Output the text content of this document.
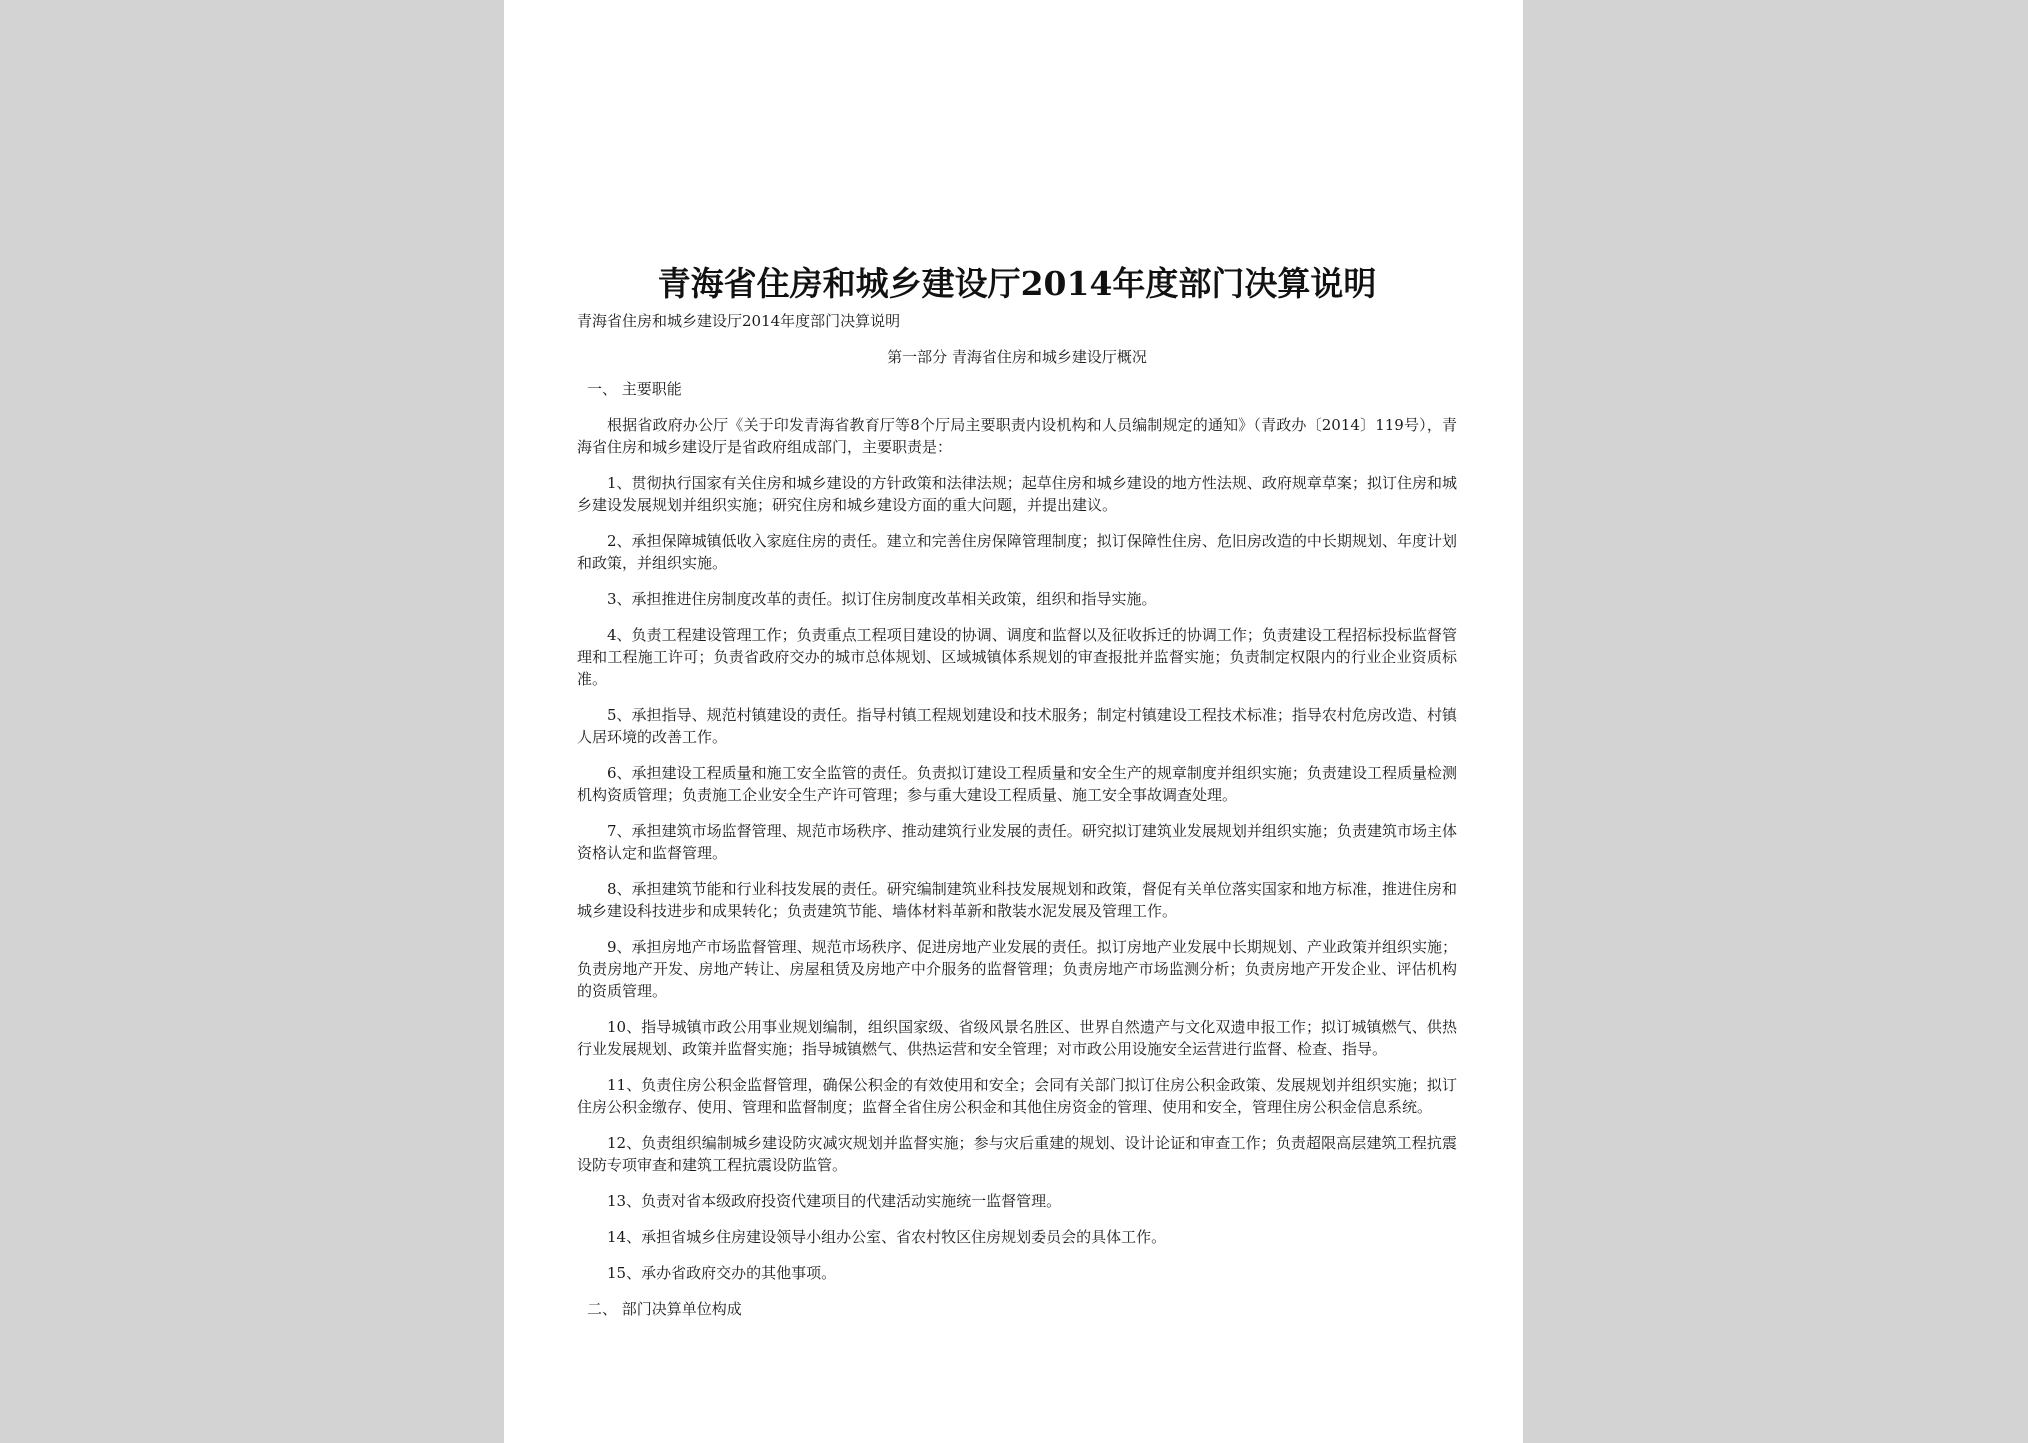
青海省住房和城乡建设厅2014年度部门决算说明

青海省住房和城乡建设厅2014年度部门决算说明

第一部分 青海省住房和城乡建设厅概况

一、 主要职能

根据省政府办公厅《关于印发青海省教育厅等8个厅局主要职责内设机构和人员编制规定的通知》（青政办〔2014〕119号），青海省住房和城乡建设厅是省政府组成部门，主要职责是：

1、贯彻执行国家有关住房和城乡建设的方针政策和法律法规；起草住房和城乡建设的地方性法规、政府规章草案；拟订住房和城乡建设发展规划并组织实施；研究住房和城乡建设方面的重大问题，并提出建议。

2、承担保障城镇低收入家庭住房的责任。建立和完善住房保障管理制度；拟订保障性住房、危旧房改造的中长期规划、年度计划和政策，并组织实施。

3、承担推进住房制度改革的责任。拟订住房制度改革相关政策，组织和指导实施。

4、负责工程建设管理工作；负责重点工程项目建设的协调、调度和监督以及征收拆迁的协调工作；负责建设工程招标投标监督管理和工程施工许可；负责省政府交办的城市总体规划、区域城镇体系规划的审查报批并监督实施；负责制定权限内的行业企业资质标准。

5、承担指导、规范村镇建设的责任。指导村镇工程规划建设和技术服务；制定村镇建设工程技术标准；指导农村危房改造、村镇人居环境的改善工作。

6、承担建设工程质量和施工安全监管的责任。负责拟订建设工程质量和安全生产的规章制度并组织实施；负责建设工程质量检测机构资质管理；负责施工企业安全生产许可管理；参与重大建设工程质量、施工安全事故调查处理。

7、承担建筑市场监督管理、规范市场秩序、推动建筑行业发展的责任。研究拟订建筑业发展规划并组织实施；负责建筑市场主体资格认定和监督管理。

8、承担建筑节能和行业科技发展的责任。研究编制建筑业科技发展规划和政策，督促有关单位落实国家和地方标准，推进住房和城乡建设科技进步和成果转化；负责建筑节能、墙体材料革新和散装水泥发展及管理工作。

9、承担房地产市场监督管理、规范市场秩序、促进房地产业发展的责任。拟订房地产业发展中长期规划、产业政策并组织实施；负责房地产开发、房地产转让、房屋租赁及房地产中介服务的监督管理；负责房地产市场监测分析；负责房地产开发企业、评估机构的资质管理。

10、指导城镇市政公用事业规划编制，组织国家级、省级风景名胜区、世界自然遗产与文化双遗申报工作；拟订城镇燃气、供热行业发展规划、政策并监督实施；指导城镇燃气、供热运营和安全管理；对市政公用设施安全运营进行监督、检查、指导。

11、负责住房公积金监督管理，确保公积金的有效使用和安全；会同有关部门拟订住房公积金政策、发展规划并组织实施；拟订住房公积金缴存、使用、管理和监督制度；监督全省住房公积金和其他住房资金的管理、使用和安全，管理住房公积金信息系统。

12、负责组织编制城乡建设防灾减灾规划并监督实施；参与灾后重建的规划、设计论证和审查工作；负责超限高层建筑工程抗震设防专项审查和建筑工程抗震设防监管。

13、负责对省本级政府投资代建项目的代建活动实施统一监督管理。

14、承担省城乡住房建设领导小组办公室、省农村牧区住房规划委员会的具体工作。

15、承办省政府交办的其他事项。

二、 部门决算单位构成
